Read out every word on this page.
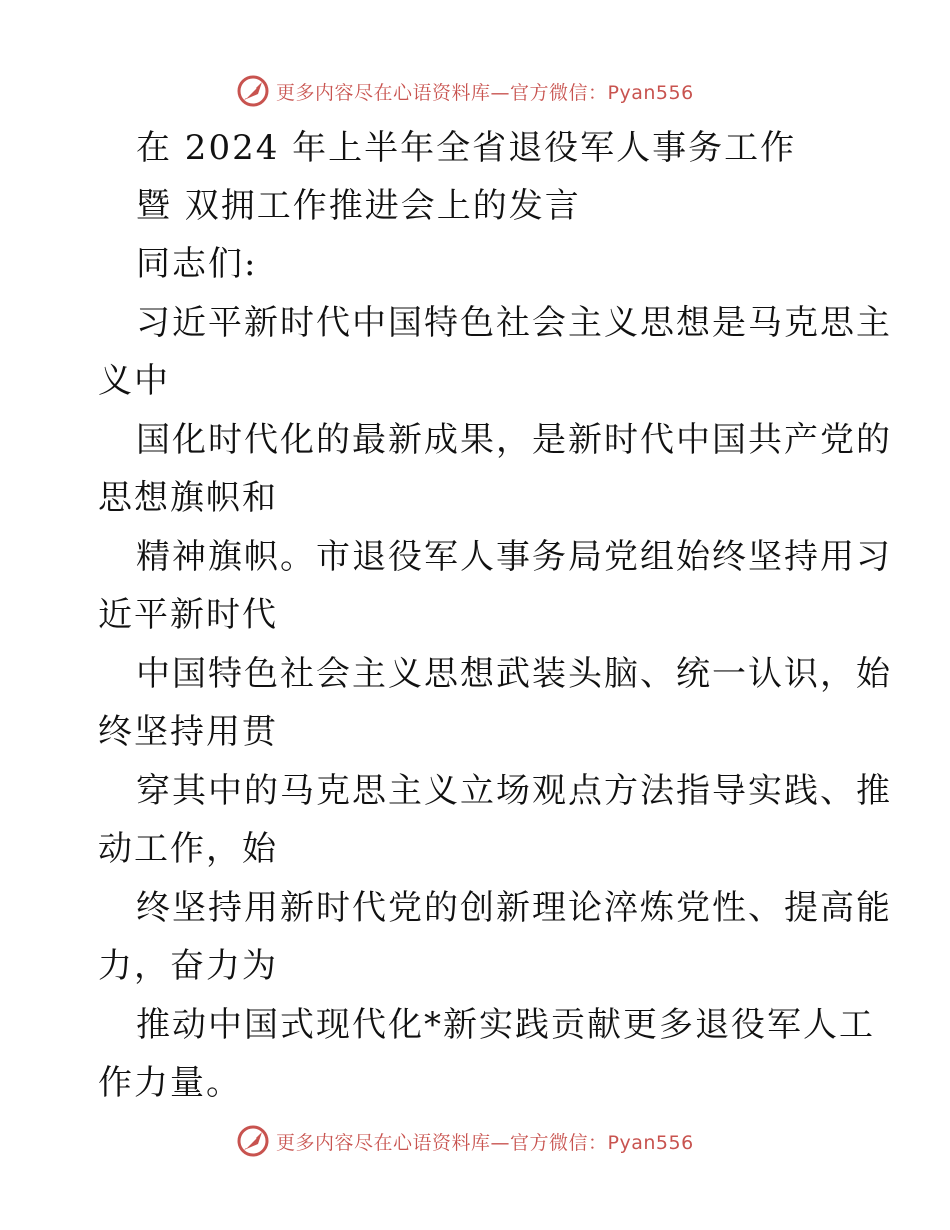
更多内容尽在心语资料库—官方微信：Pyan556
在 2024 年上半年全省退役军人事务工作
暨 双拥工作推进会上的发言
同志们:
习近平新时代中国特色社会主义思想是马克思主
义中
国化时代化的最新成果，是新时代中国共产党的
思想旗帜和
精神旗帜。市退役军人事务局党组始终坚持用习
近平新时代
中国特色社会主义思想武装头脑、统一认识，始
终坚持用贯
穿其中的马克思主义立场观点方法指导实践、推
动工作，始
终坚持用新时代党的创新理论淬炼党性、提高能
力，奋力为
推动中国式现代化*新实践贡献更多退役军人工
作力量。
更多内容尽在心语资料库—官方微信：Pyan556
